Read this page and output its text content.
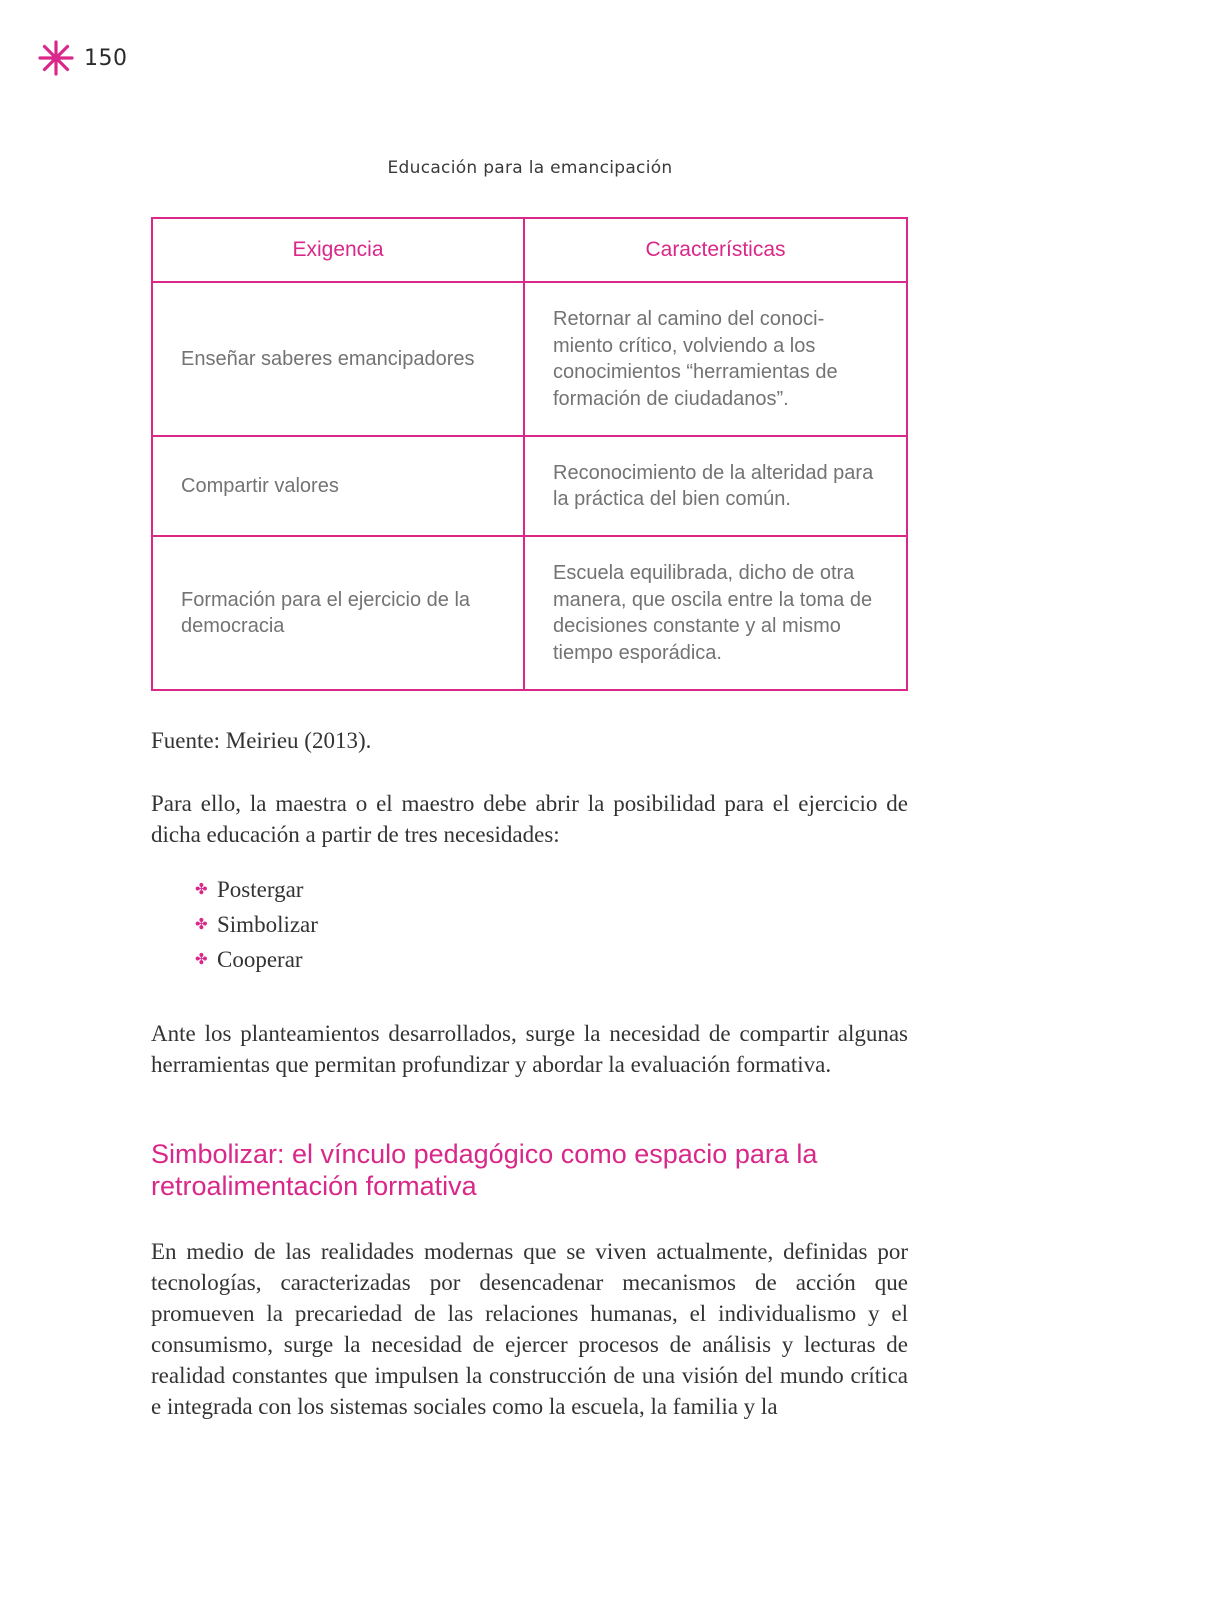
150
Educación para la emancipación
Exigencia	Características
Enseñar saberes emancipadores	Retornar al camino del conoci-miento crítico, volviendo a los conocimientos “herramientas de formación de ciudadanos”.
Compartir valores	Reconocimiento de la alteridad para la práctica del bien común.
Formación para el ejercicio de la democracia	Escuela equilibrada, dicho de otra manera, que oscila entre la toma de decisiones constante y al mismo tiempo esporádica.
Fuente: Meirieu (2013).

Para ello, la maestra o el maestro debe abrir la posibilidad para el ejercicio de dicha educación a partir de tres necesidades:

✤ Postergar
✤ Simbolizar
✤ Cooperar

Ante los planteamientos desarrollados, surge la necesidad de compartir algunas herramientas que permitan profundizar y abordar la evaluación formativa.

Simbolizar: el vínculo pedagógico como espacio para la retroalimentación formativa

En medio de las realidades modernas que se viven actualmente, definidas por tecnologías, caracterizadas por desencadenar mecanismos de acción que promueven la precariedad de las relaciones humanas, el individualismo y el consumismo, surge la necesidad de ejercer procesos de análisis y lecturas de realidad constantes que impulsen la construcción de una visión del mundo crítica e integrada con los sistemas sociales como la escuela, la familia y la
